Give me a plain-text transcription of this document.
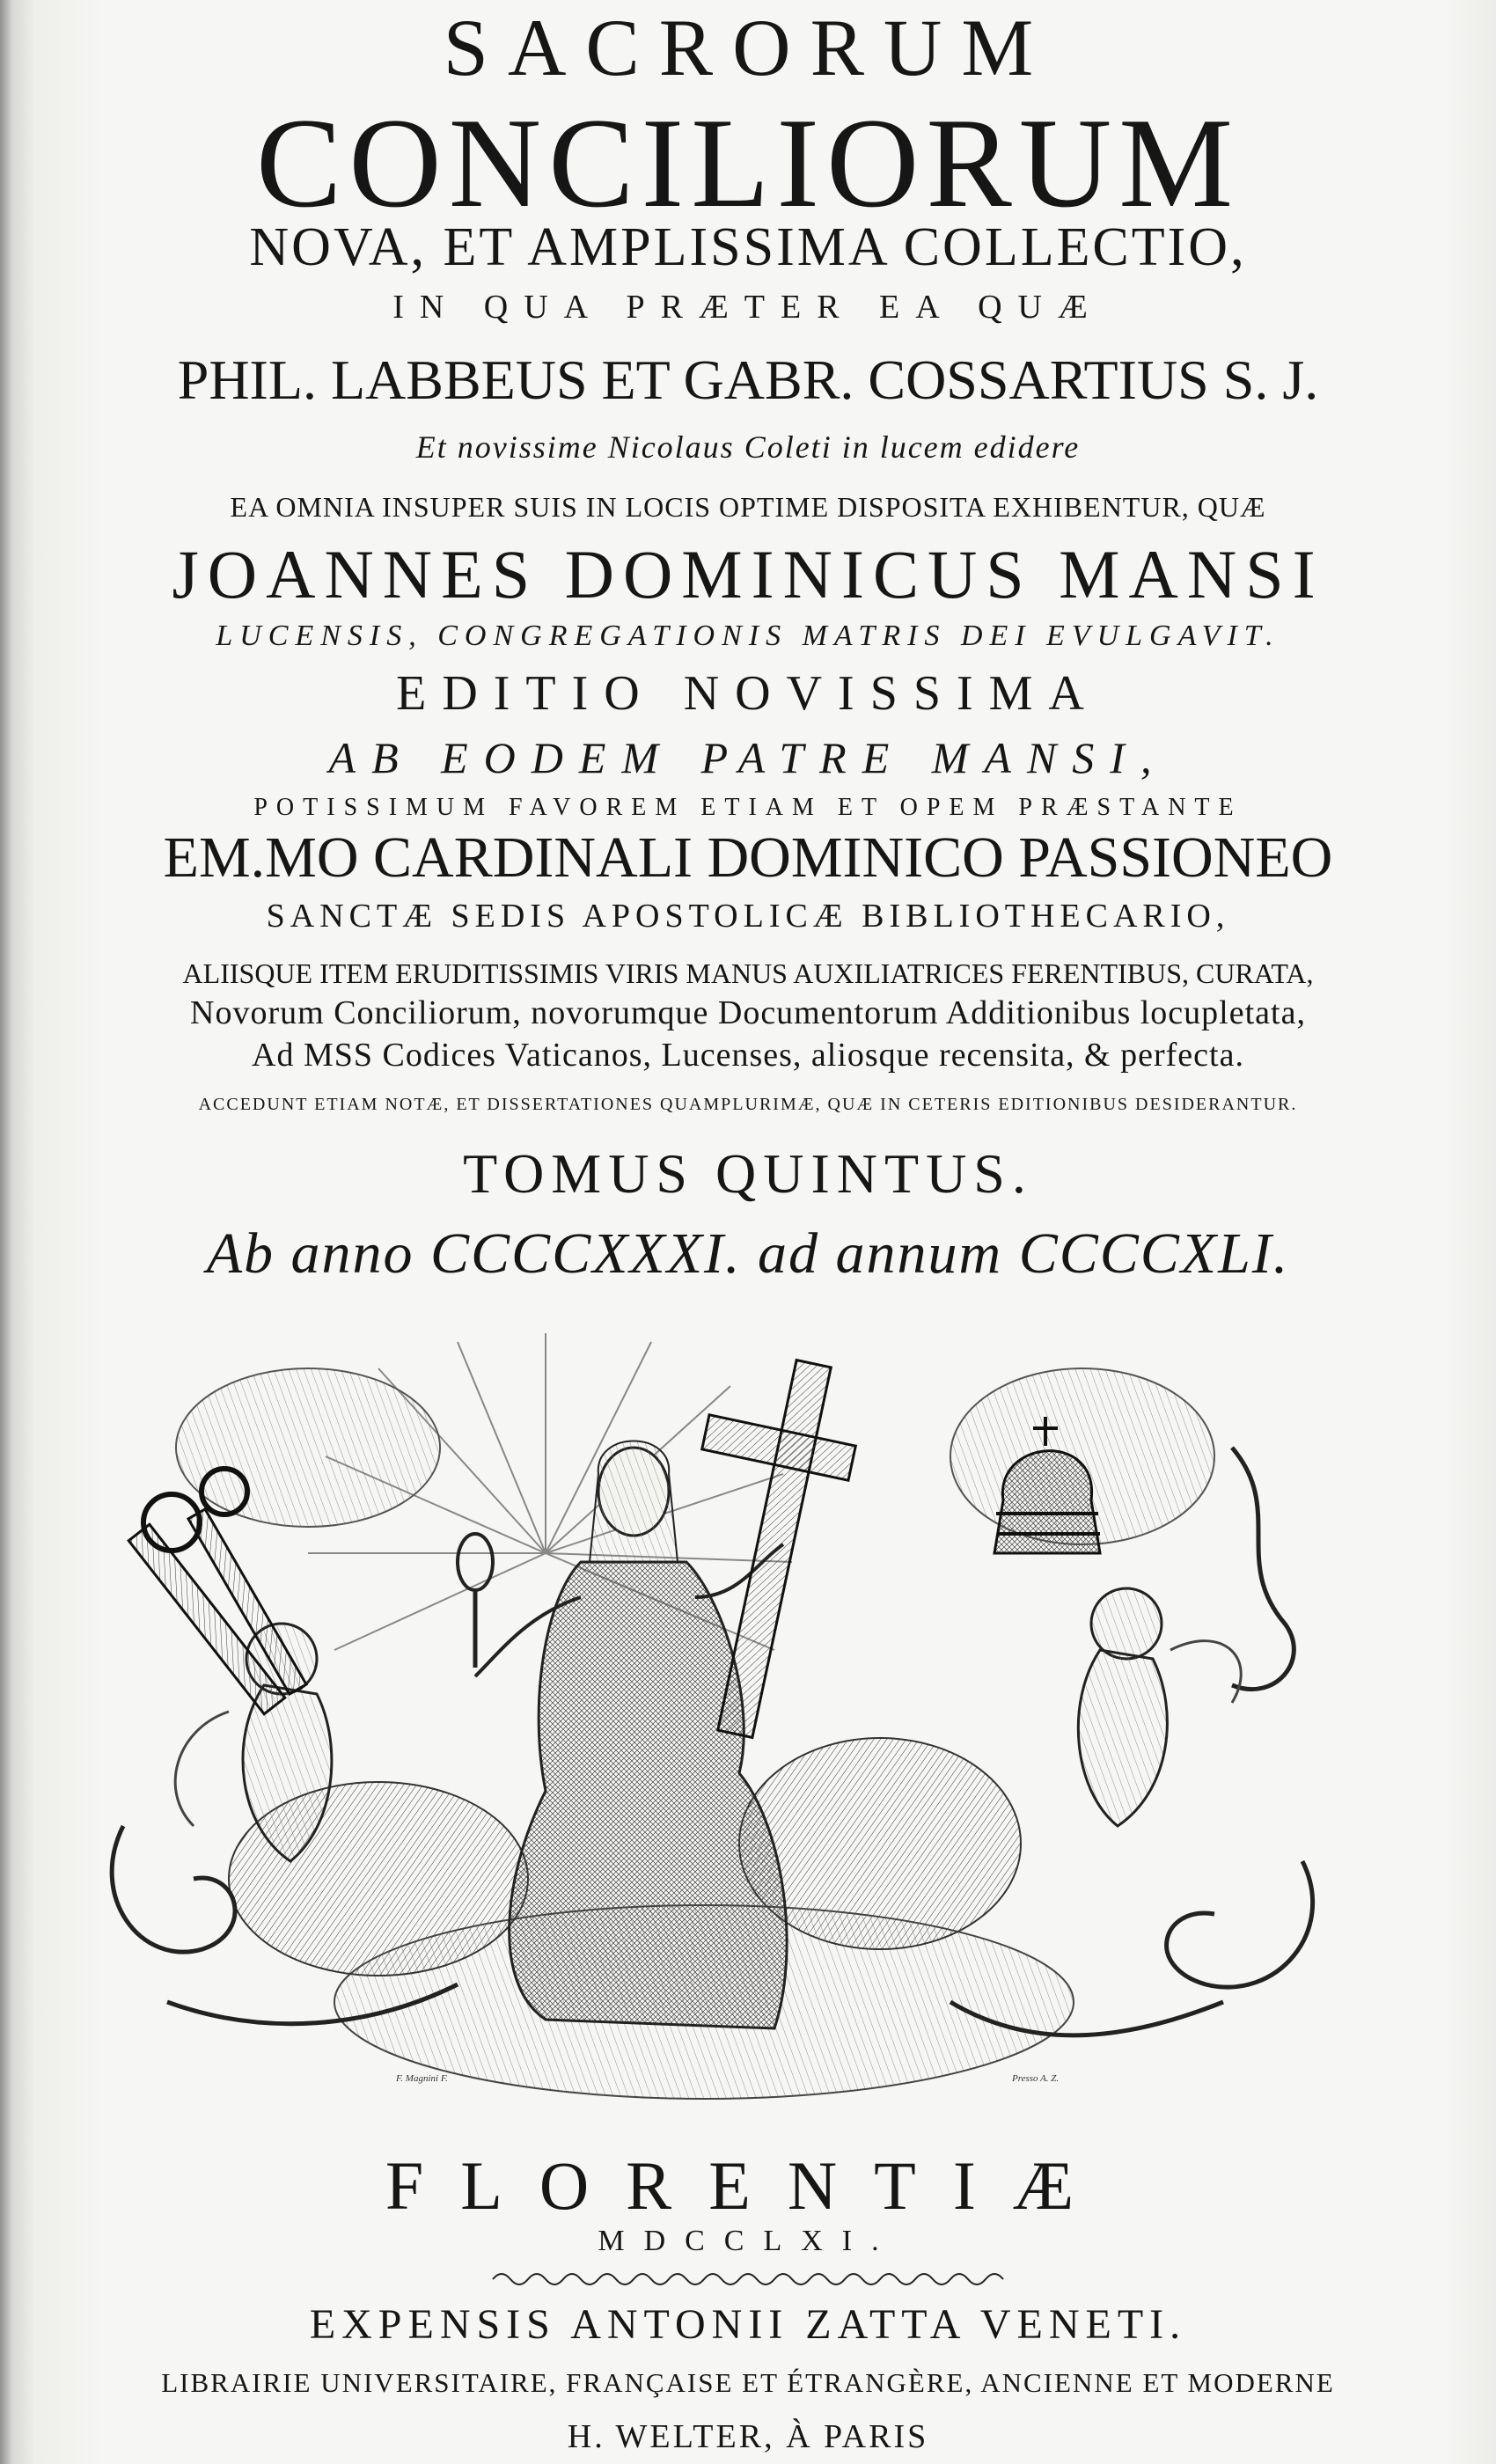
SACRORUM
CONCILIORUM
NOVA, ET AMPLISSIMA COLLECTIO,
IN QUA PRÆTER EA QUÆ
PHIL. LABBEUS ET GABR. COSSARTIUS S. J.
Et novissime Nicolaus Coleti in lucem edidere
EA OMNIA INSUPER SUIS IN LOCIS OPTIME DISPOSITA EXHIBENTUR, QUÆ
JOANNES DOMINICUS MANSI
LUCENSIS, CONGREGATIONIS MATRIS DEI EVULGAVIT.
EDITIO NOVISSIMA
AB EODEM PATRE MANSI,
POTISSIMUM FAVOREM ETIAM ET OPEM PRÆSTANTE
EM.MO CARDINALI DOMINICO PASSIONEO
SANCTÆ SEDIS APOSTOLICÆ BIBLIOTHECARIO,
ALIISQUE ITEM ERUDITISSIMIS VIRIS MANUS AUXILIATRICES FERENTIBUS, CURATA,
Novorum Conciliorum, novorumque Documentorum Additionibus locupletata,
Ad MSS Codices Vaticanos, Lucenses, aliosque recensita, & perfecta.
ACCEDUNT ETIAM NOTÆ, ET DISSERTATIONES QUAMPLURIMÆ, QUÆ IN CETERIS EDITIONIBUS DESIDERANTUR.
TOMUS QUINTUS.
Ab anno CCCCXXXI. ad annum CCCCXLI.
F. Magnini F.	Presso A. Z.
FLORENTIÆ
MDCCLXI.
EXPENSIS ANTONII ZATTA VENETI.
LIBRAIRIE UNIVERSITAIRE, FRANÇAISE ET ÉTRANGÈRE, ANCIENNE ET MODERNE
H. WELTER, À PARIS
